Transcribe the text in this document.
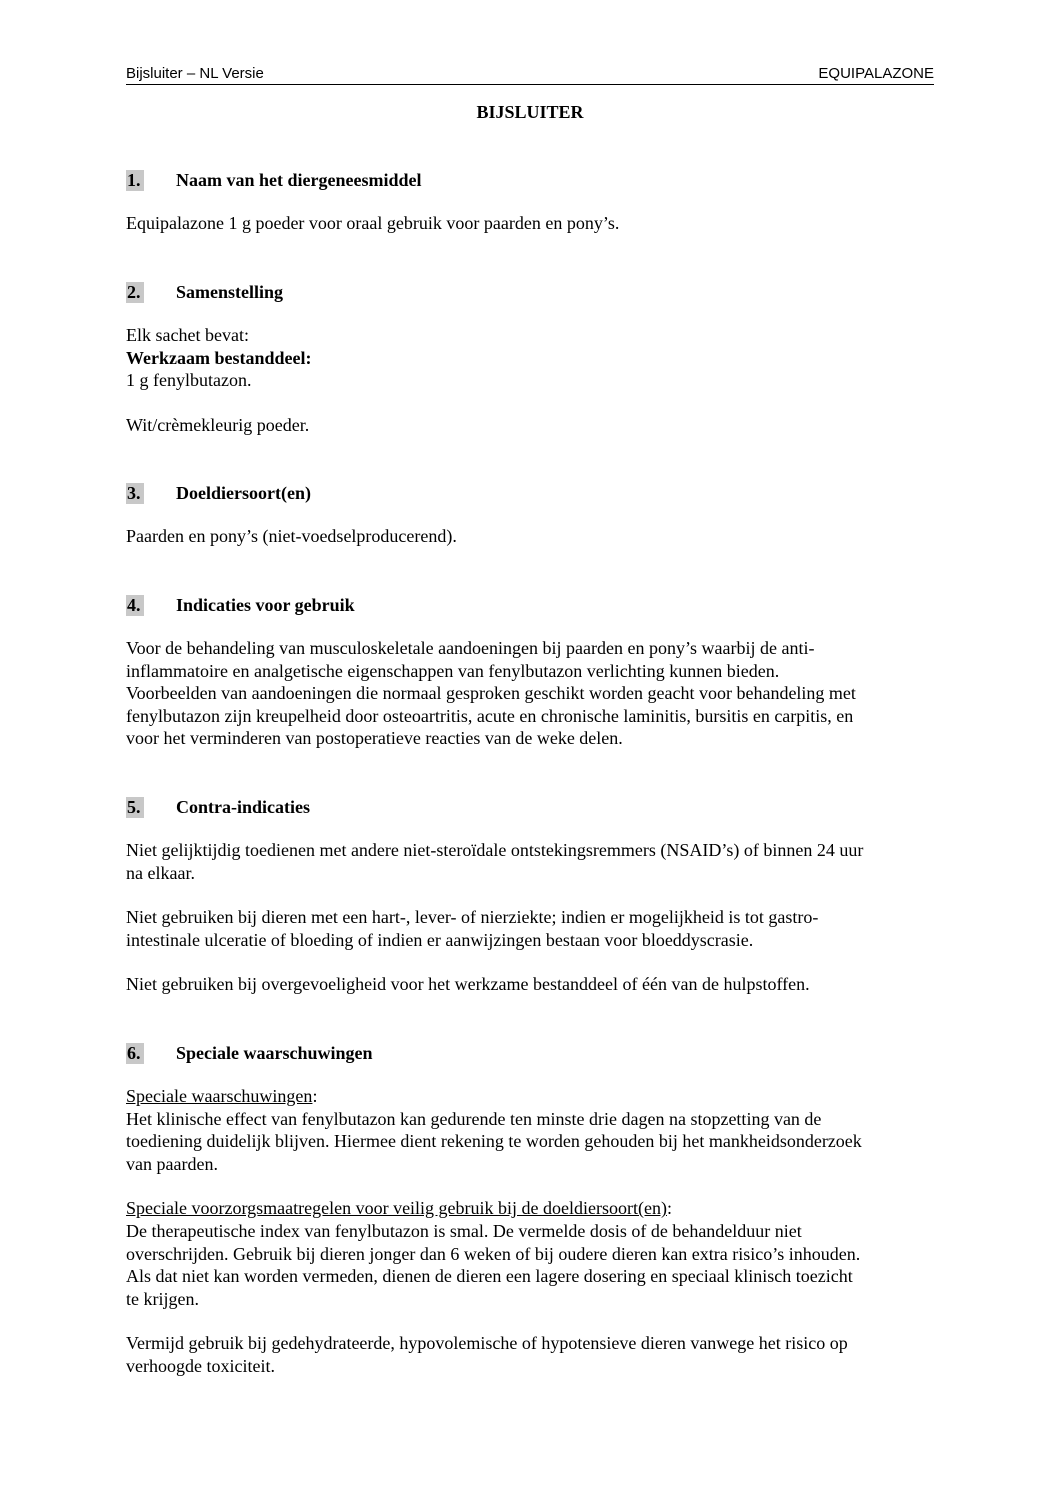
Bijsluiter – NL Versie	EQUIPALAZONE
BIJSLUITER
1. Naam van het diergeneesmiddel

Equipalazone 1 g poeder voor oraal gebruik voor paarden en pony’s.

2. Samenstelling

Elk sachet bevat:

Werkzaam bestanddeel:

1 g fenylbutazon.

Wit/crèmekleurig poeder.

3. Doeldiersoort(en)

Paarden en pony’s (niet-voedselproducerend).

4. Indicaties voor gebruik

Voor de behandeling van musculoskeletale aandoeningen bij paarden en pony’s waarbij de anti-

inflammatoire en analgetische eigenschappen van fenylbutazon verlichting kunnen bieden.

Voorbeelden van aandoeningen die normaal gesproken geschikt worden geacht voor behandeling met

fenylbutazon zijn kreupelheid door osteoartritis, acute en chronische laminitis, bursitis en carpitis, en

voor het verminderen van postoperatieve reacties van de weke delen.

5. Contra-indicaties

Niet gelijktijdig toedienen met andere niet-steroïdale ontstekingsremmers (NSAID’s) of binnen 24 uur

na elkaar.

Niet gebruiken bij dieren met een hart-, lever- of nierziekte; indien er mogelijkheid is tot gastro-

intestinale ulceratie of bloeding of indien er aanwijzingen bestaan voor bloeddyscrasie.

Niet gebruiken bij overgevoeligheid voor het werkzame bestanddeel of één van de hulpstoffen.

6. Speciale waarschuwingen

Speciale waarschuwingen:

Het klinische effect van fenylbutazon kan gedurende ten minste drie dagen na stopzetting van de

toediening duidelijk blijven. Hiermee dient rekening te worden gehouden bij het mankheidsonderzoek

van paarden.

Speciale voorzorgsmaatregelen voor veilig gebruik bij de doeldiersoort(en):

De therapeutische index van fenylbutazon is smal. De vermelde dosis of de behandelduur niet

overschrijden. Gebruik bij dieren jonger dan 6 weken of bij oudere dieren kan extra risico’s inhouden.

Als dat niet kan worden vermeden, dienen de dieren een lagere dosering en speciaal klinisch toezicht

te krijgen.

Vermijd gebruik bij gedehydrateerde, hypovolemische of hypotensieve dieren vanwege het risico op

verhoogde toxiciteit.
